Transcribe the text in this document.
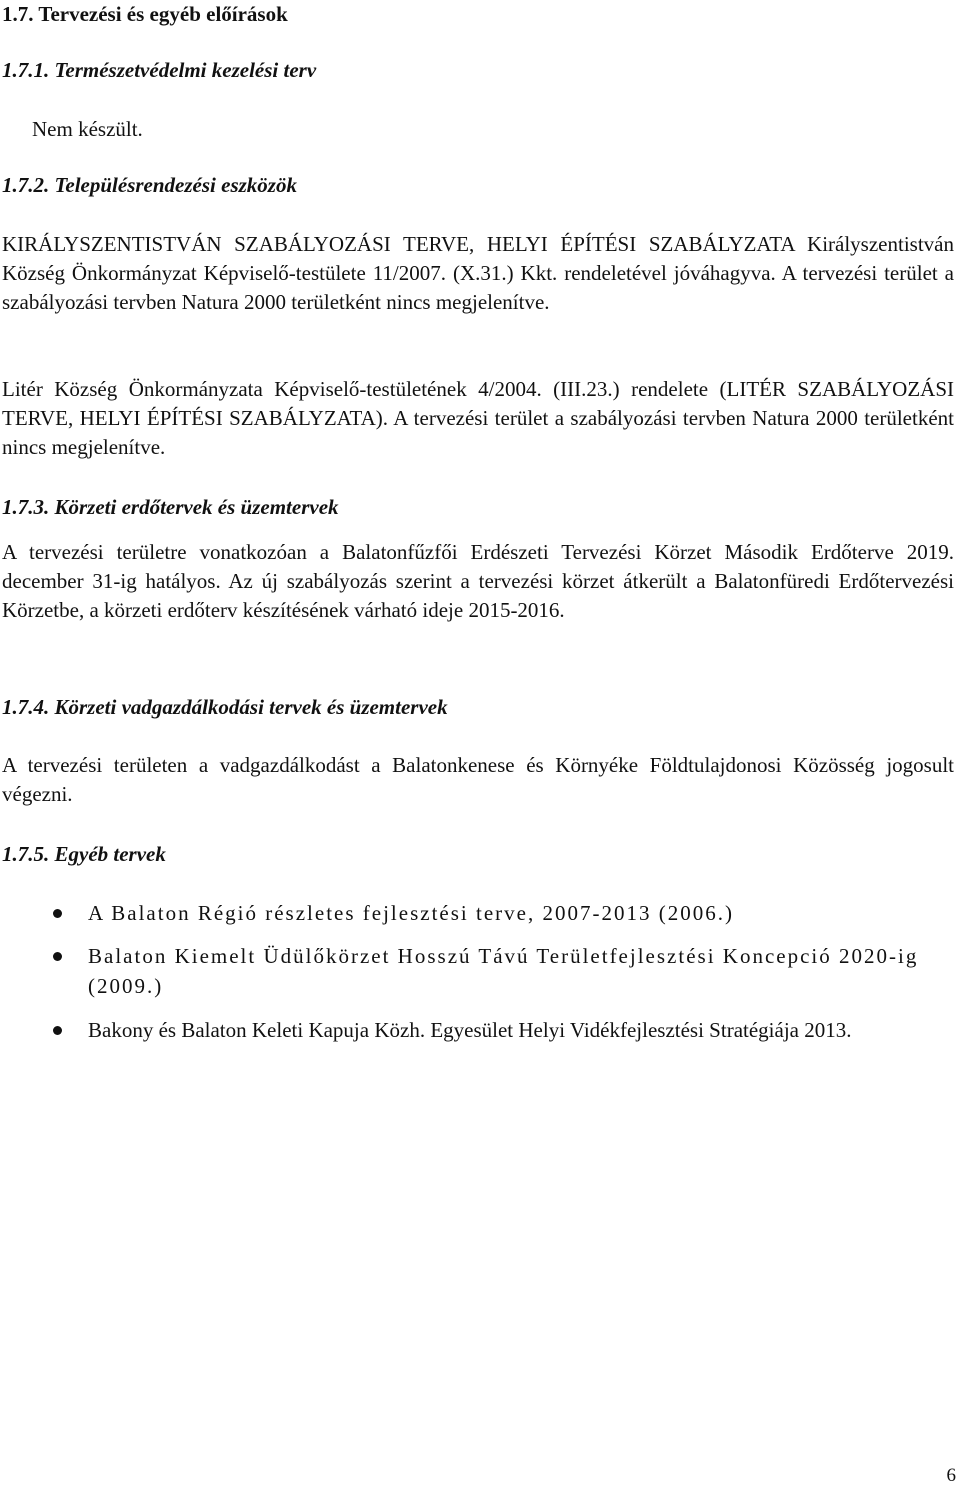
1.7. Tervezési és egyéb előírások
1.7.1. Természetvédelmi kezelési terv
Nem készült.
1.7.2. Településrendezési eszközök
KIRÁLYSZENTISTVÁN SZABÁLYOZÁSI TERVE, HELYI ÉPÍTÉSI SZABÁLYZATA Királyszentistván Község Önkormányzat Képviselő-testülete 11/2007. (X.31.) Kkt. rendeletével jóváhagyva. A tervezési terület a szabályozási tervben Natura 2000 területként nincs megjelenítve.
Litér Község Önkormányzata Képviselő-testületének 4/2004. (III.23.) rendelete (LITÉR SZABÁLYOZÁSI TERVE, HELYI ÉPÍTÉSI SZABÁLYZATA). A tervezési terület a szabályozási tervben Natura 2000 területként nincs megjelenítve.
1.7.3. Körzeti erdőtervek és üzemtervek
A tervezési területre vonatkozóan a Balatonfűzfői Erdészeti Tervezési Körzet Második Erdőterve 2019. december 31-ig hatályos. Az új szabályozás szerint a tervezési körzet átkerült a Balatonfüredi Erdőtervezési Körzetbe, a körzeti erdőterv készítésének várható ideje 2015-2016.
1.7.4. Körzeti vadgazdálkodási tervek és üzemtervek
A tervezési területen a vadgazdálkodást a Balatonkenese és Környéke Földtulajdonosi Közösség jogosult végezni.
1.7.5. Egyéb tervek
A Balaton Régió részletes fejlesztési terve, 2007-2013 (2006.)
Balaton Kiemelt Üdülőkörzet Hosszú Távú Területfejlesztési Koncepció 2020-ig (2009.)
Bakony és Balaton Keleti Kapuja Közh. Egyesület Helyi Vidékfejlesztési Stratégiája 2013.
6
